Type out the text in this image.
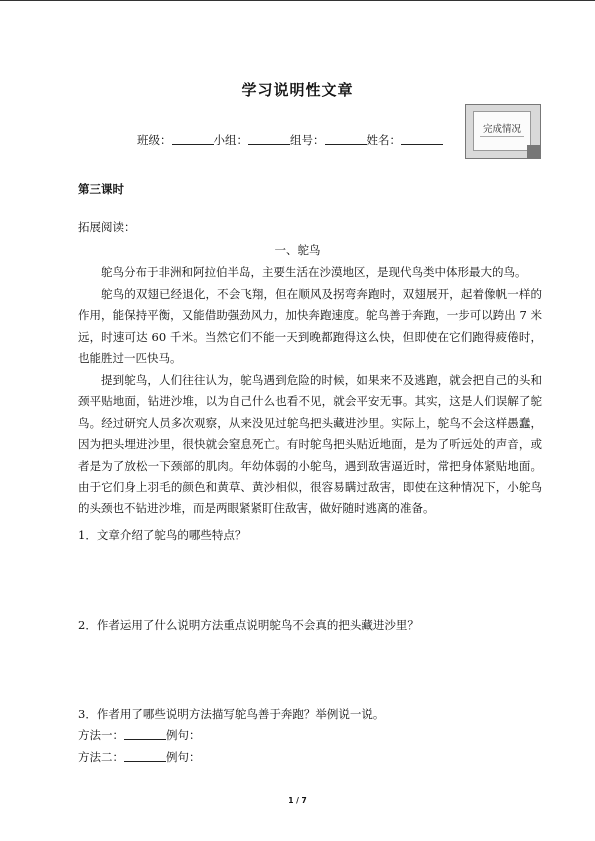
学习说明性文章
班级：	小组：	组号：	姓名：
完成情况
第三课时
拓展阅读：
一、鸵鸟

鸵鸟分布于非洲和阿拉伯半岛，主要生活在沙漠地区，是现代鸟类中体形最大的鸟。

鸵鸟的双翅已经退化，不会飞翔，但在顺风及拐弯奔跑时，双翅展开，起着像帆一样的作用，能保持平衡，又能借助强劲风力，加快奔跑速度。鸵鸟善于奔跑，一步可以跨出 7 米远，时速可达 60 千米。当然它们不能一天到晚都跑得这么快，但即使在它们跑得疲倦时，也能胜过一匹快马。

提到鸵鸟，人们往往认为，鸵鸟遇到危险的时候，如果来不及逃跑，就会把自己的头和颈平贴地面，钻进沙堆，以为自己什么也看不见，就会平安无事。其实，这是人们误解了鸵鸟。经过研究人员多次观察，从来没见过鸵鸟把头藏进沙里。实际上，鸵鸟不会这样愚蠢，因为把头埋进沙里，很快就会窒息死亡。有时鸵鸟把头贴近地面，是为了听远处的声音，或者是为了放松一下颈部的肌肉。年幼体弱的小鸵鸟，遇到敌害逼近时，常把身体紧贴地面。由于它们身上羽毛的颜色和黄草、黄沙相似，很容易瞒过敌害，即使在这种情况下，小鸵鸟的头颈也不钻进沙堆，而是两眼紧紧盯住敌害，做好随时逃离的准备。

1．文章介绍了鸵鸟的哪些特点？
2．作者运用了什么说明方法重点说明鸵鸟不会真的把头藏进沙里？
3．作者用了哪些说明方法描写鸵鸟善于奔跑？举例说一说。
方法一：	例句：
方法二：	例句：
1 / 7
